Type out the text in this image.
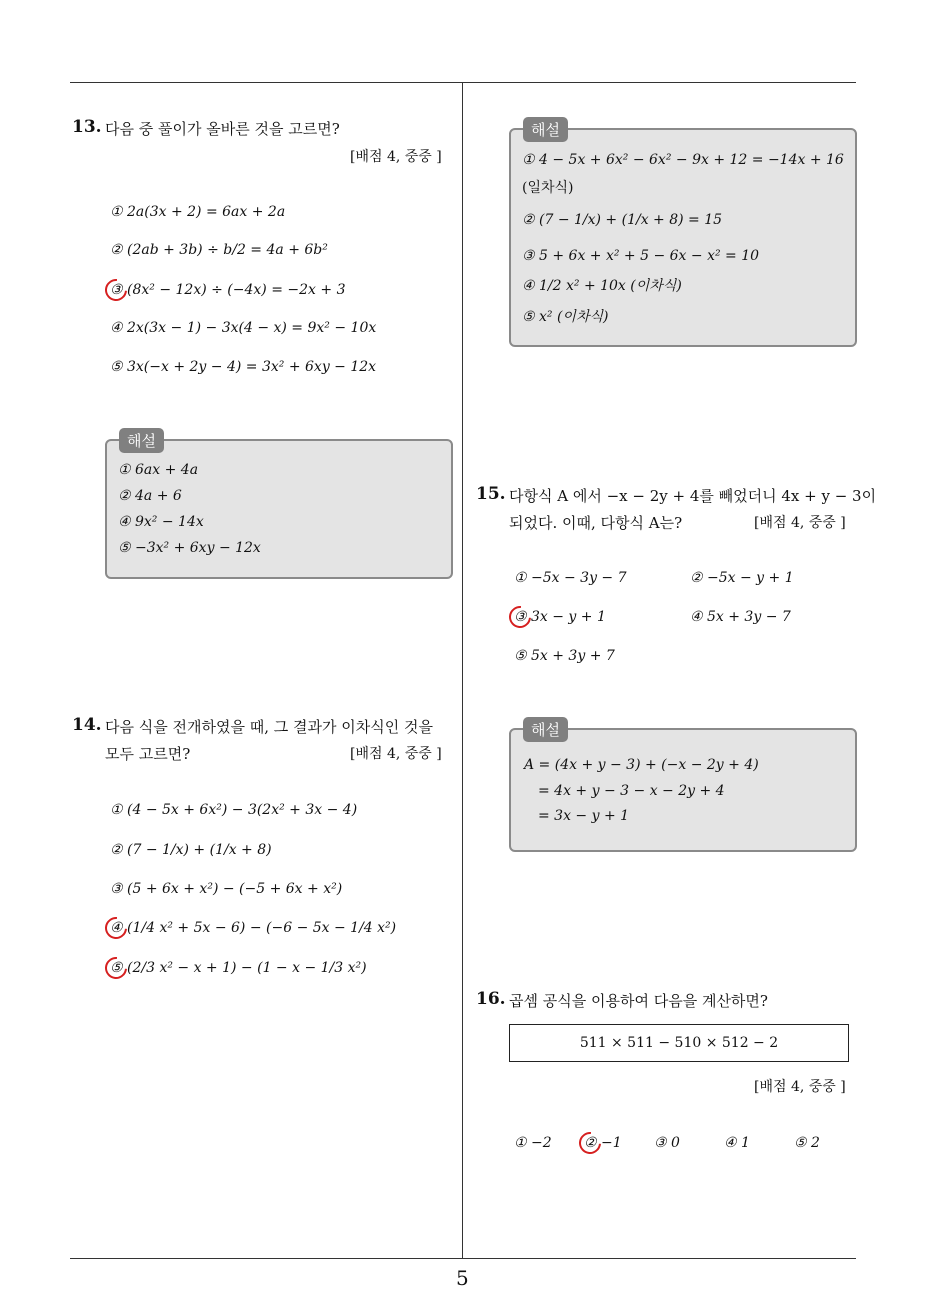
5
13. 다음 중 풀이가 올바른 것을 고르면?
[배점 4, 중중 ]
① 2a(3x + 2) = 6ax + 2a
② (2ab + 3b) ÷ b/2 = 4a + 6b²
③ (8x² − 12x) ÷ (−4x) = −2x + 3
④ 2x(3x − 1) − 3x(4 − x) = 9x² − 10x
⑤ 3x(−x + 2y − 4) = 3x² + 6xy − 12x
해설
① 6ax + 4a
② 4a + 6
④ 9x² − 14x
⑤ −3x² + 6xy − 12x
14. 다음 식을 전개하였을 때, 그 결과가 이차식인 것을
모두 고르면?	[배점 4, 중중 ]
① (4 − 5x + 6x²) − 3(2x² + 3x − 4)
② (7 − 1/x) + (1/x + 8)
③ (5 + 6x + x²) − (−5 + 6x + x²)
④ (1/4 x² + 5x − 6) − (−6 − 5x − 1/4 x²)
⑤ (2/3 x² − x + 1) − (1 − x − 1/3 x²)
해설
① 4 − 5x + 6x² − 6x² − 9x + 12 = −14x + 16
(일차식)
② (7 − 1/x) + (1/x + 8) = 15
③ 5 + 6x + x² + 5 − 6x − x² = 10
④ 1/2 x² + 10x (이차식)
⑤ x² (이차식)
15. 다항식 A 에서 −x − 2y + 4를 빼었더니 4x + y − 3이
되었다. 이때, 다항식 A는?	[배점 4, 중중 ]
① −5x − 3y − 7	② −5x − y + 1
③ 3x − y + 1	④ 5x + 3y − 7
⑤ 5x + 3y + 7
해설
A = (4x + y − 3) + (−x − 2y + 4)
= 4x + y − 3 − x − 2y + 4
= 3x − y + 1
16. 곱셈 공식을 이용하여 다음을 계산하면?
511 × 511 − 510 × 512 − 2
[배점 4, 중중 ]
① −2 ② −1 ③ 0	④ 1	⑤ 2
